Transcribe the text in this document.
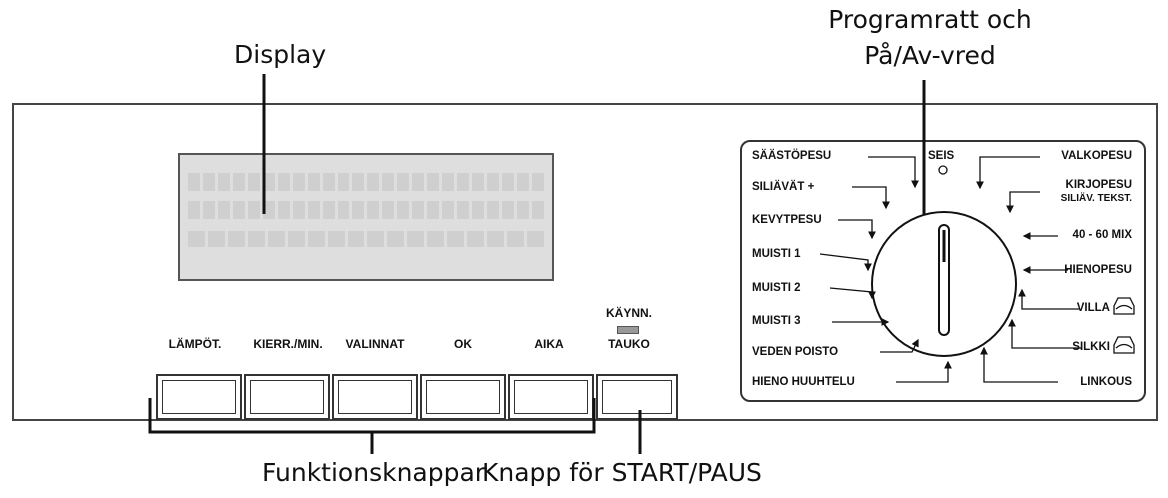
Display
Programratt och
På/Av-vred
Funktionsknappar
Knapp för START/PAUS
LÄMPÖT.	KIERR./MIN.	VALINNAT	OK	AIKA
KÄYNN.
TAUKO
SÄÄSTÖPESU
SILIÄVÄT +
KEVYTPESU
MUISTI 1
MUISTI 2
MUISTI 3
VEDEN POISTO
HIENO HUUHTELU
SEIS	VALKOPESU
KIRJOPESU
SILIÄV. TEKST.
40 - 60 MIX
HIENOPESU
VILLA
SILKKI
LINKOUS
